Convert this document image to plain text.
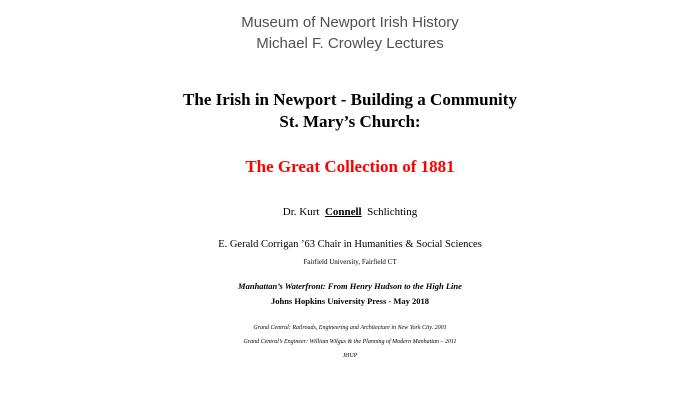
Museum of Newport Irish History
Michael F. Crowley Lectures
The Irish in Newport - Building a Community
St. Mary’s Church:
The Great Collection of 1881
Dr. Kurt Connell Schlichting
E. Gerald Corrigan ’63 Chair in Humanities & Social Sciences
Fairfield University, Fairfield CT
Manhattan’s Waterfront: From Henry Hudson to the High Line
Johns Hopkins University Press - May 2018
Grand Central: Railroads, Engineering and Architecture in New York City. 2001
Grand Central’s Engineer: William Wilgus & the Planning of Modern Manhattan – 2011
JHUP
